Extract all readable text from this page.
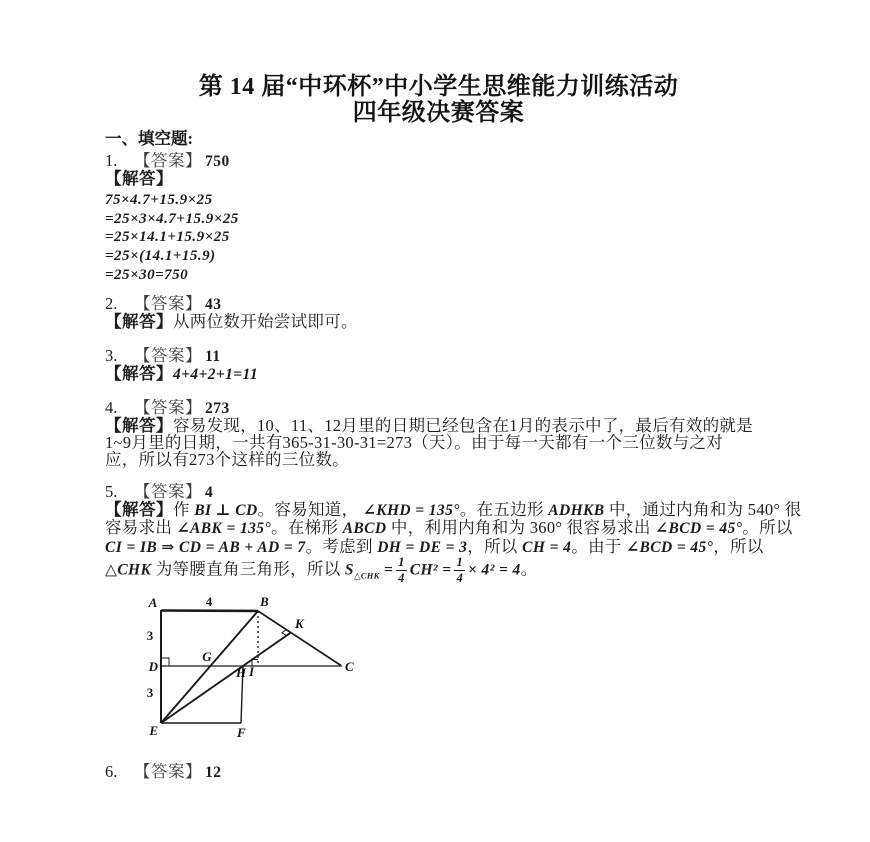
第 14 届“中环杯”中小学生思维能力训练活动
四年级决赛答案
一、填空题:
1. 【答案】 750
【解答】
75×4.7+15.9×25
=25×3×4.7+15.9×25
=25×14.1+15.9×25
=25×(14.1+15.9)
=25×30=750
2. 【答案】 43
【解答】从两位数开始尝试即可。
3. 【答案】 11
【解答】4+4+2+1=11
4. 【答案】 273
【解答】容易发现，10、11、12月里的日期已经包含在1月的表示中了，最后有效的就是
1~9月里的日期，一共有365-31-30-31=273（天）。由于每一天都有一个三位数与之对
应，所以有273个这样的三位数。
5. 【答案】 4
【解答】作 BI ⊥ CD。容易知道， ∠KHD = 135°。在五边形 ADHKB 中，通过内角和为 540° 很
容易求出 ∠ABK = 135°。在梯形 ABCD 中，利用内角和为 360° 很容易求出 ∠BCD = 45°。所以
CI = IB ⇒ CD = AB + AD = 7。考虑到 DH = DE = 3，所以 CH = 4。由于 ∠BCD = 45°，所以
△CHK 为等腰直角三角形，所以 $S_{\triangle CHK} = \frac{1}{4} CH^2 = \frac{1}{4} \times 4^2 = 4$。
A	B
C
D
E	F
G
H I
K
4
3
3
6. 【答案】 12
